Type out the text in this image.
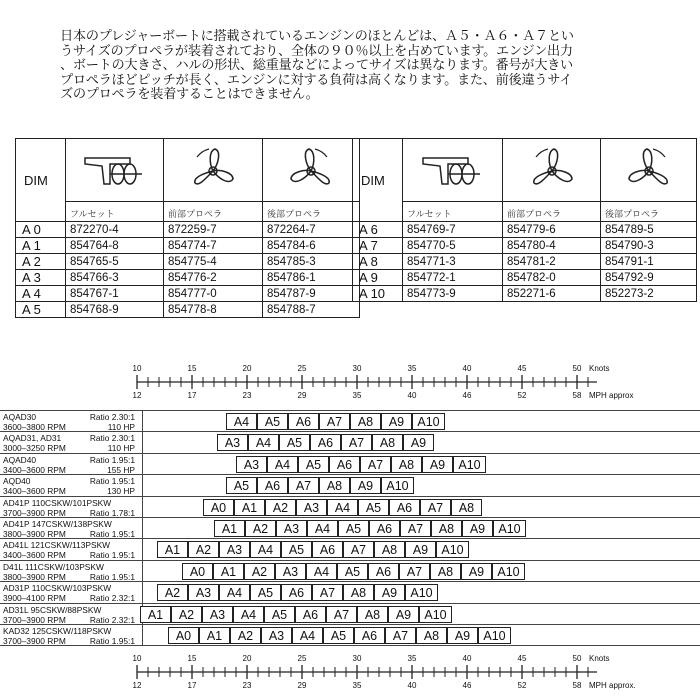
日本のプレジャーボートに搭載されているエンジンのほとんどは、Ａ５・Ａ６・Ａ７とい
うサイズのプロペラが装着されており、全体の９０％以上を占めています。エンジン出力
、ボートの大きさ、ハルの形状、総重量などによってサイズは異なります。番号が大きい
プロペラほどピッチが長く、エンジンに対する負荷は高くなります。また、前後違うサイ
ズのプロペラを装着することはできません。
DIM			
	フルセット	前部プロペラ	後部プロペラ
A 0	872270-4	872259-7	872264-7
A 1	854764-8	854774-7	854784-6
A 2	854765-5	854775-4	854785-3
A 3	854766-3	854776-2	854786-1
A 4	854767-1	854777-0	854787-9
A 5	854768-9	854778-8	854788-7
DIM			
	フルセット	前部プロペラ	後部プロペラ
A 6	854769-7	854779-6	854789-5
A 7	854770-5	854780-4	854790-3
A 8	854771-3	854781-2	854791-1
A 9	854772-1	854782-0	854792-9
A 10	854773-9	852271-6	852273-2
10	15	20	25	30	35	40	45	50 Knots
12	17	23	29	35	40	46	52	58 MPH approx
10	15	20	25	30	35	40	45	50 Knots
12	17	23	29	35	40	46	52	58 MPH approx.
AQAD30	Ratio 2.30:1
3600–3800 RPM	110 HP	A4	A5	A6	A7	A8	A9	A10
AQAD31, AD31	Ratio 2.30:1
3000–3250 RPM	110 HP	A3	A4	A5	A6	A7	A8	A9
AQAD40	Ratio 1.95:1
3400–3600 RPM	155 HP	A3	A4	A5	A6	A7	A8	A9	A10
AQD40	Ratio 1.95:1
3400–3600 RPM	130 HP	A5	A6	A7	A8	A9	A10
AD41P 110CSKW/101PSKW
3700–3900 RPM	Ratio 1.78:1	A0	A1	A2	A3	A4	A5	A6	A7	A8
AD41P 147CSKW/138PSKW
3800–3900 RPM	Ratio 1.95:1	A1	A2	A3	A4	A5	A6	A7	A8	A9	A10
AD41L 121CSKW/113PSKW
3400–3600 RPM	Ratio 1.95:1	A1	A2	A3	A4	A5	A6	A7	A8	A9	A10
D41L 111CSKW/103PSKW
3800–3900 RPM	Ratio 1.95:1	A0	A1	A2	A3	A4	A5	A6	A7	A8	A9	A10
AD31P 110CSKW/103PSKW
3900–4100 RPM	Ratio 2.32:1	A2	A3	A4	A5	A6	A7	A8	A9	A10
AD31L 95CSKW/88PSKW
3700–3900 RPM	Ratio 2.32:1	A1	A2	A3	A4	A5	A6	A7	A8	A9	A10
KAD32 125CSKW/118PSKW
3700–3900 RPM	Ratio 1.95:1	A0	A1	A2	A3	A4	A5	A6	A7	A8	A9	A10
